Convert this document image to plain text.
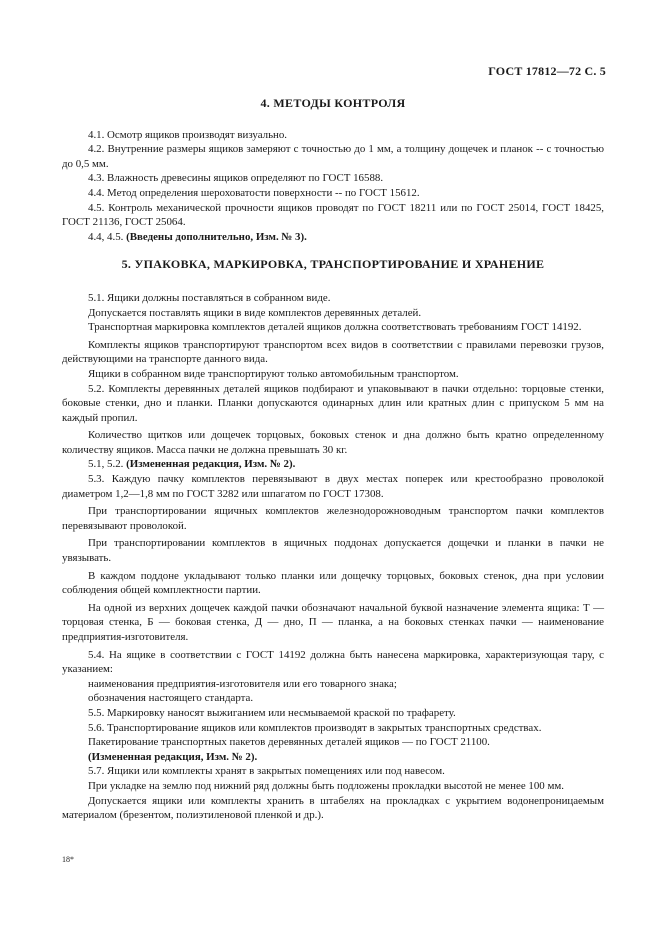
ГОСТ 17812—72 С. 5
4. МЕТОДЫ КОНТРОЛЯ

4.1. Осмотр ящиков производят визуально.

4.2. Внутренние размеры ящиков замеряют с точностью до 1 мм, а толщину дощечек и планок -- с точностью до 0,5 мм.

4.3. Влажность древесины ящиков определяют по ГОСТ 16588.

4.4. Метод определения шероховатости поверхности -- по ГОСТ 15612.

4.5. Контроль механической прочности ящиков проводят по ГОСТ 18211 или по ГОСТ 25014, ГОСТ 18425, ГОСТ 21136, ГОСТ 25064.

4.4, 4.5. (Введены дополнительно, Изм. № 3).

5. УПАКОВКА, МАРКИРОВКА, ТРАНСПОРТИРОВАНИЕ И ХРАНЕНИЕ

5.1. Ящики должны поставляться в собранном виде.

Допускается поставлять ящики в виде комплектов деревянных деталей.

Транспортная маркировка комплектов деталей ящиков должна соответствовать требованиям ГОСТ 14192.

Комплекты ящиков транспортируют транспортом всех видов в соответствии с правилами перевозки грузов, действующими на транспорте данного вида.

Ящики в собранном виде транспортируют только автомобильным транспортом.

5.2. Комплекты деревянных деталей ящиков подбирают и упаковывают в пачки отдельно: торцовые стенки, боковые стенки, дно и планки. Планки допускаются одинарных длин или кратных длин с припуском 5 мм на каждый пропил.

Количество щитков или дощечек торцовых, боковых стенок и дна должно быть кратно определенному количеству ящиков. Масса пачки не должна превышать 30 кг.

5.1, 5.2. (Измененная редакция, Изм. № 2).

5.3. Каждую пачку комплектов перевязывают в двух местах поперек или крестообразно проволокой диаметром 1,2—1,8 мм по ГОСТ 3282 или шпагатом по ГОСТ 17308.

При транспортировании ящичных комплектов железнодорожноводным транспортом пачки комплектов перевязывают проволокой.

При транспортировании комплектов в ящичных поддонах допускается дощечки и планки в пачки не увязывать.

В каждом поддоне укладывают только планки или дощечку торцовых, боковых стенок, дна при условии соблюдения общей комплектности партии.

На одной из верхних дощечек каждой пачки обозначают начальной буквой назначение элемента ящика: Т — торцовая стенка, Б — боковая стенка, Д — дно, П — планка, а на боковых стенках пачки — наименование предприятия-изготовителя.

5.4. На ящике в соответствии с ГОСТ 14192 должна быть нанесена маркировка, характеризующая тару, с указанием:

наименования предприятия-изготовителя или его товарного знака;

обозначения настоящего стандарта.

5.5. Маркировку наносят выжиганием или несмываемой краской по трафарету.

5.6. Транспортирование ящиков или комплектов производят в закрытых транспортных средствах.

Пакетирование транспортных пакетов деревянных деталей ящиков — по ГОСТ 21100.

(Измененная редакция, Изм. № 2).

5.7. Ящики или комплекты хранят в закрытых помещениях или под навесом.

При укладке на землю под нижний ряд должны быть подложены прокладки высотой не менее 100 мм.

Допускается ящики или комплекты хранить в штабелях на прокладках с укрытием водонепроницаемым материалом (брезентом, полиэтиленовой пленкой и др.).

18*
